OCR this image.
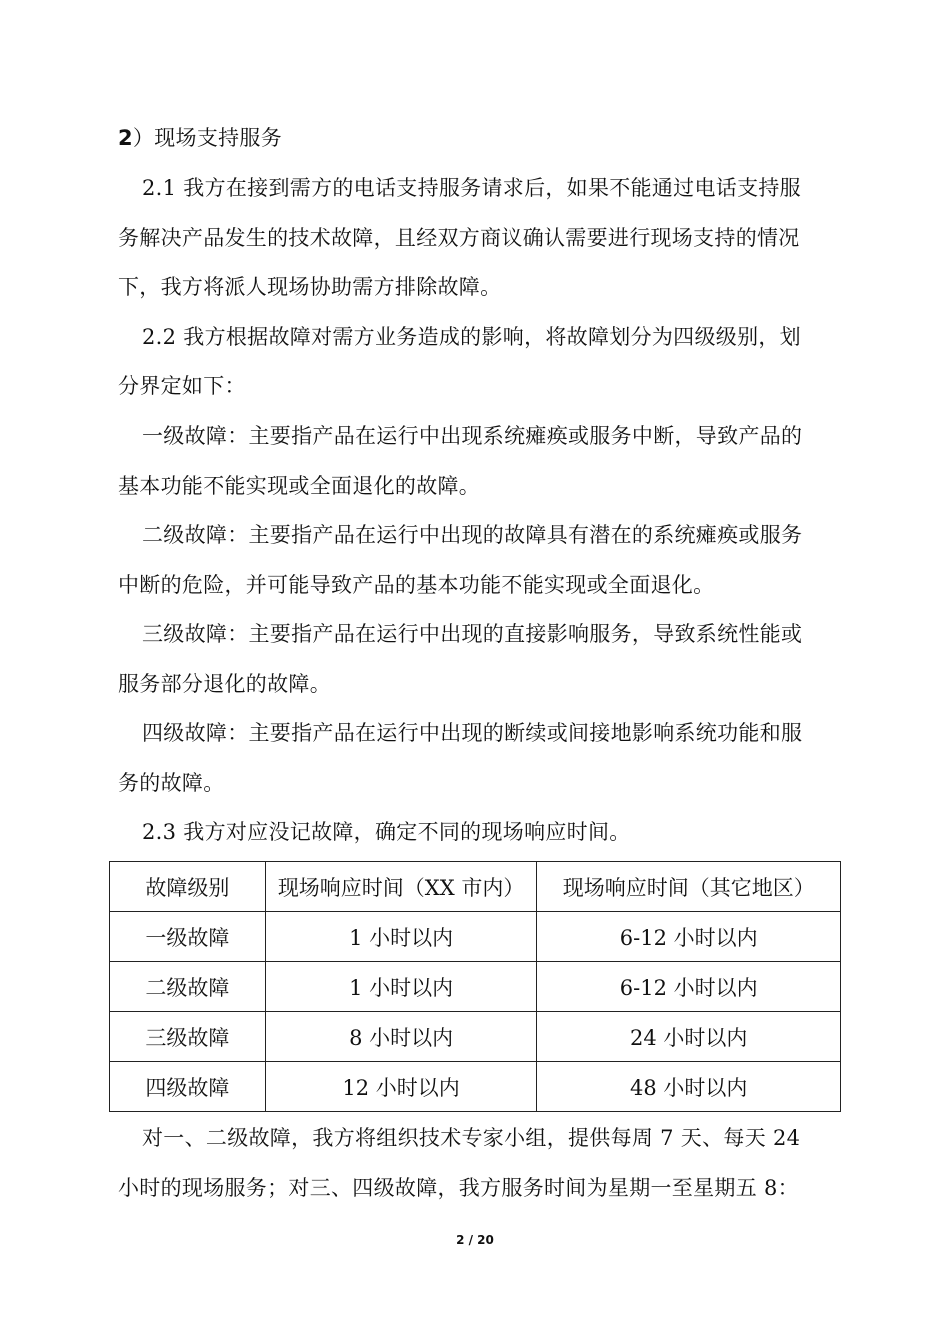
2）现场支持服务
2.1 我方在接到需方的电话支持服务请求后，如果不能通过电话支持服
务解决产品发生的技术故障，且经双方商议确认需要进行现场支持的情况
下，我方将派人现场协助需方排除故障。
2.2 我方根据故障对需方业务造成的影响，将故障划分为四级级别，划
分界定如下：
一级故障：主要指产品在运行中出现系统瘫痪或服务中断，导致产品的
基本功能不能实现或全面退化的故障。
二级故障：主要指产品在运行中出现的故障具有潜在的系统瘫痪或服务
中断的危险，并可能导致产品的基本功能不能实现或全面退化。
三级故障：主要指产品在运行中出现的直接影响服务，导致系统性能或
服务部分退化的故障。
四级故障：主要指产品在运行中出现的断续或间接地影响系统功能和服
务的故障。
2.3 我方对应没记故障，确定不同的现场响应时间。
故障级别	现场响应时间（XX 市内）	现场响应时间（其它地区）
一级故障	1 小时以内	6-12 小时以内
二级故障	1 小时以内	6-12 小时以内
三级故障	8 小时以内	24 小时以内
四级故障	12 小时以内	48 小时以内
对一、二级故障，我方将组织技术专家小组，提供每周 7 天、每天 24
小时的现场服务；对三、四级故障，我方服务时间为星期一至星期五 8：
2 / 20
